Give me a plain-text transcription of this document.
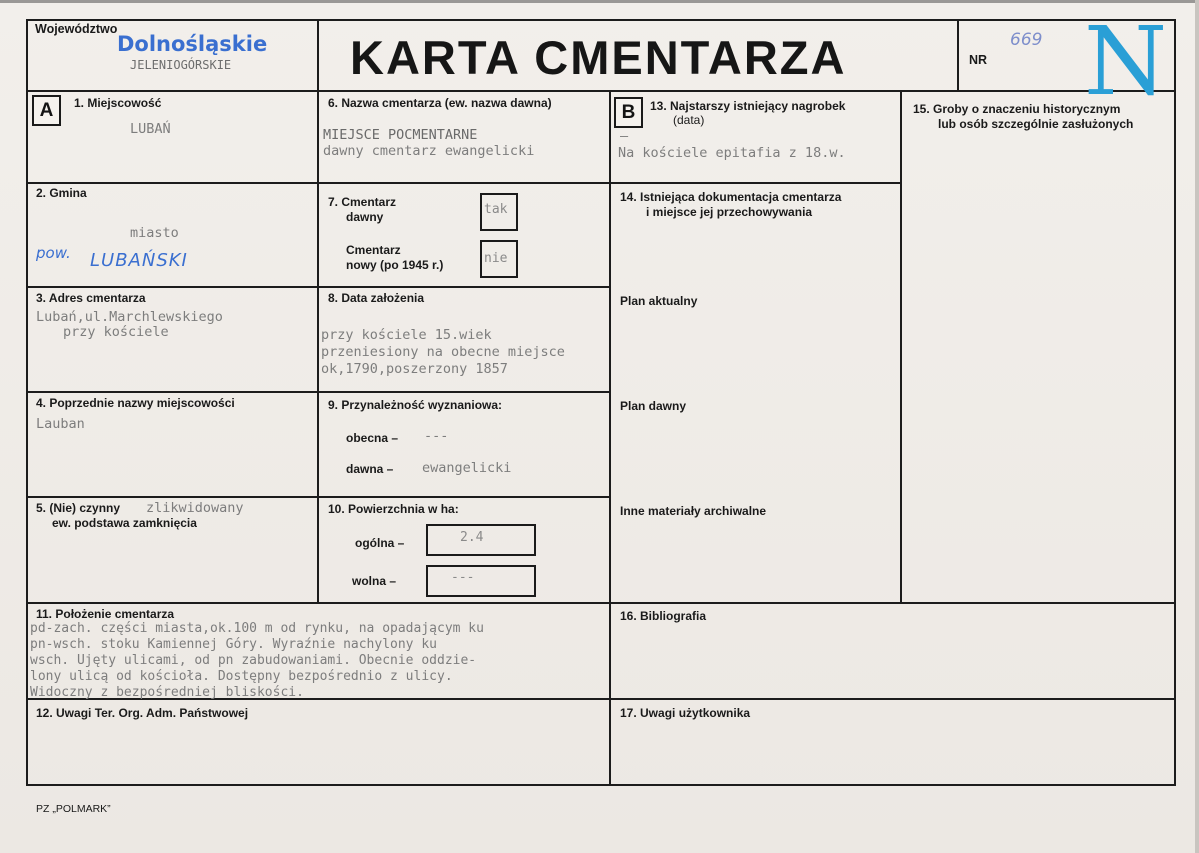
Województwo
Dolnośląskie
JELENIOGÓRSKIE	KARTA CMENTARZA	NR
669 N
A	B
1. Miejscowość
LUBAŃ
2. Gmina
miasto
pow. LUBAŃSKI
3. Adres cmentarza
Lubań,ul.Marchlewskiego
przy kościele
4. Poprzednie nazwy miejscowości
Lauban
5. (Nie) czynny
ew. podstawa zamknięcia
zlikwidowany
6. Nazwa cmentarza (ew. nazwa dawna)
MIEJSCE POCMENTARNE
dawny cmentarz ewangelicki
7. Cmentarz
dawny	tak
Cmentarz
nowy (po 1945 r.)	nie
8. Data założenia
przy kościele 15.wiek
przeniesiony na obecne miejsce
ok,1790,poszerzony 1857
9. Przynależność wyznaniowa:
obecna – ---
dawna – ewangelicki
10. Powierzchnia w ha:
ogólna –	2.4
wolna –	---
13. Najstarszy istniejący nagrobek
(data)
—
Na kościele epitafia z 18.w.
14. Istniejąca dokumentacja cmentarza
i miejsce jej przechowywania
Plan aktualny
Plan dawny
Inne materiały archiwalne
15. Groby o znaczeniu historycznym
lub osób szczególnie zasłużonych
11. Położenie cmentarza
pd-zach. części miasta,ok.100 m od rynku, na opadającym ku
pn-wsch. stoku Kamiennej Góry. Wyraźnie nachylony ku
wsch. Ujęty ulicami, od pn zabudowaniami. Obecnie oddzie-
lony ulicą od kościoła. Dostępny bezpośrednio z ulicy.
Widoczny z bezpośredniej bliskości.
16. Bibliografia
12. Uwagi Ter. Org. Adm. Państwowej	17. Uwagi użytkownika
PZ „POLMARK”
